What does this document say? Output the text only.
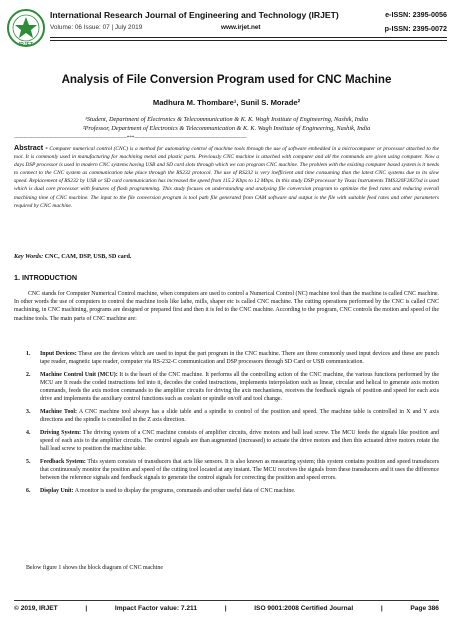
IRJET
International Research Journal of Engineering and Technology (IRJET)	e-ISSN: 2395-0056
Volume: 06 Issue: 07 | July 2019	www.irjet.net	p-ISSN: 2395-0072
Analysis of File Conversion Program used for CNC Machine
Madhura M. Thombare¹, Sunil S. Morade²
¹Student, Department of Electronics & Telecommunication & K. K. Wagh Institute of Engineering, Nashik, India
²Professor, Department of Electronics & Telecommunication & K. K. Wagh Institute of Engineering, Nashik, India
---------------------------------------------------------------------***---------------------------------------------------------------------
Abstract - Computer numerical control (CNC) is a method for automating control of machine tools through the use of software embedded in a microcomputer or processor attached to the tool. It is commonly used in manufacturing for machining metal and plastic parts. Previously CNC machine is attached with computer and all the commands are given using computer. Now a days DSP processor is used in modern CNC systems having USB and SD card slots through which we can program CNC machine. The problem with the existing computer based system is it needs to connect to the CNC system as communication take place through the RS232 protocol. The use of RS232 is very inefficient and time consuming than the latest CNC systems due to its slow speed. Replacement of RS232 by USB or SD card communication has increased the speed from 115.2 Kbps to 12 Mbps. In this study DSP processor by Texas Instruments TMS320F2837xd is used which is dual core processor with features of flash programming. This study focuses on understanding and analysing file conversion program to optimize the feed rates and reducing overall machining time of CNC machine. The input to the file conversion program is tool path file generated from CAM software and output is the file with suitable feed rates and other parameters required by CNC machine.
Key Words: CNC, CAM, DSP, USB, SD card.
1. INTRODUCTION

CNC stands for Computer Numerical Control machine, when computers are used to control a Numerical Control (NC) machine tool than the machine is called CNC machine. In other words the use of computers to control the machine tools like lathe, mills, shaper etc is called CNC machine. The cutting operations performed by the CNC is called CNC machining, in CNC machining, programs are designed or prepared first and then it is fed to the CNC machine. According to the program, CNC controls the motion and speed of the machine tools. The main parts of CNC machine are:

1. Input Devices: These are the devices which are used to input the part program in the CNC machine. There are three commonly used input devices and these are punch tape reader, magnetic tape reader, computer via RS-232-C communication and DSP processors through SD Card or USB communication.
2. Machine Control Unit (MCU): It is the heart of the CNC machine. It performs all the controlling action of the CNC machine, the various functions performed by the MCU are It reads the coded instructions fed into it, decodes the coded instructions, implements interpolation such as linear, circular and helical to generate axis motion commands, feeds the axis motion commands to the amplifier circuits for driving the axis mechanisms, receives the feedback signals of position and speed for each axis drive and implements the auxiliary control functions such as coolant or spindle on/off and tool change.
3. Machine Tool: A CNC machine tool always has a slide table and a spindle to control of the position and speed. The machine table is controlled in X and Y axis directions and the spindle is controlled in the Z axis direction.
4. Driving System: The driving system of a CNC machine consists of amplifier circuits, drive motors and ball lead screw. The MCU feeds the signals like position and speed of each axis to the amplifier circuits. The control signals are than augmented (increased) to actuate the drive motors and then this actuated drive motors rotate the ball lead screw to position the machine table.
5. Feedback System: This system consists of transducers that acts like sensors. It is also known as measuring system; this system contains position and speed transducers that continuously monitor the position and speed of the cutting tool located at any instant. The MCU receives the signals from these transducers and it uses the difference between the reference signals and feedback signals to generate the control signals for correcting the position and speed errors.
6. Display Unit: A monitor is used to display the programs, commands and other useful data of CNC machine.
Below figure 1 shows the block diagram of CNC machine
© 2019, IRJET	|	Impact Factor value: 7.211	|	ISO 9001:2008 Certified Journal	|	Page 386
